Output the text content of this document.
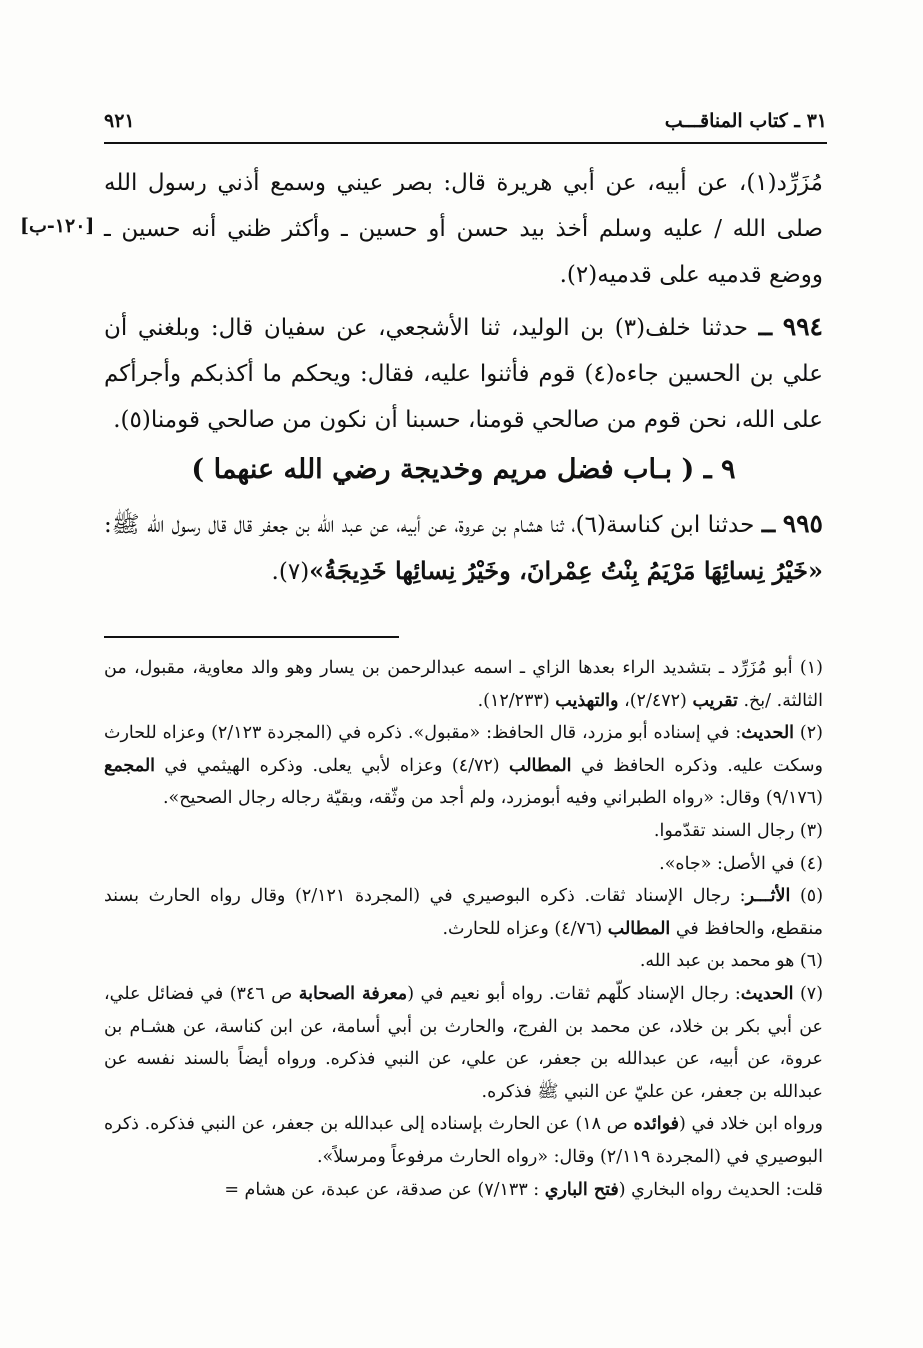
٣١ ـ كتاب المناقـــب
٩٢١
[١٢٠-ب]

مُزَرِّد(١)، عن أبيه، عن أبي هريرة قال: بصر عيني وسمع أذني رسول الله صلى الله / عليه وسلم أخذ بيد حسن أو حسين ـ وأكثر ظني أنه حسين ـ ووضع قدميه على قدميه(٢).

٩٩٤ ــ حدثنا خلف(٣) بن الوليد، ثنا الأشجعي، عن سفيان قال: وبلغني أن علي بن الحسين جاءه(٤) قوم فأثنوا عليه، فقال: ويحكم ما أكذبكم وأجرأكم على الله، نحن قوم من صالحي قومنا، حسبنا أن نكون من صالحي قومنا(٥).

٩ ـ ( بـاب فضل مريم وخديجة رضي الله عنهما )

٩٩٥ ــ حدثنا ابن كناسة(٦)، ثنا هشام بن عروة، عن أبيه، عن عبد الله بن جعفر قال قال رسول الله ﷺ: «خَيْرُ نِسائِهَا مَرْيَمُ بِنْتُ عِمْرانَ، وخَيْرُ نِسائِها خَدِيجَةُ»(٧).

(١) أبو مُزَرِّد ـ بتشديد الراء بعدها الزاي ـ اسمه عبدالرحمن بن يسار وهو والد معاوية، مقبول، من الثالثة. /بخ. تقريب (٢/٤٧٢)، والتهذيب (١٢/٢٣٣).

(٢) الحديث: في إسناده أبو مزرد، قال الحافظ: «مقبول». ذكره في (المجردة ٢/١٢٣) وعزاه للحارث وسكت عليه. وذكره الحافظ في المطالب (٤/٧٢) وعزاه لأبي يعلى. وذكره الهيثمي في المجمع (٩/١٧٦) وقال: «رواه الطبراني وفيه أبومزرد، ولم أجد من وثّقه، وبقيّة رجاله رجال الصحيح».

(٣) رجال السند تقدّموا.

(٤) في الأصل: «جاه».

(٥) الأثـــر: رجال الإسناد ثقات. ذكره البوصيري في (المجردة ٢/١٢١) وقال رواه الحارث بسند منقطع، والحافظ في المطالب (٤/٧٦) وعزاه للحارث.

(٦) هو محمد بن عبد الله.

(٧) الحديث: رجال الإسناد كلّهم ثقات. رواه أبو نعيم في (معرفة الصحابة ص ٣٤٦) في فضائل علي، عن أبي بكر بن خلاد، عن محمد بن الفرج، والحارث بن أبي أسامة، عن ابن كناسة، عن هشـام بن عروة، عن أبيه، عن عبدالله بن جعفر، عن علي، عن النبي فذكره. ورواه أيضاً بالسند نفسه عن عبدالله بن جعفر، عن عليّ عن النبي ﷺ فذكره.

ورواه ابن خلاد في (فوائده ص ١٨) عن الحارث بإسناده إلى عبدالله بن جعفر، عن النبي فذكره. ذكره البوصيري في (المجردة ٢/١١٩) وقال: «رواه الحارث مرفوعاً ومرسلاً».

قلت: الحديث رواه البخاري (فتح الباري : ٧/١٣٣) عن صدقة، عن عبدة، عن هشام =
